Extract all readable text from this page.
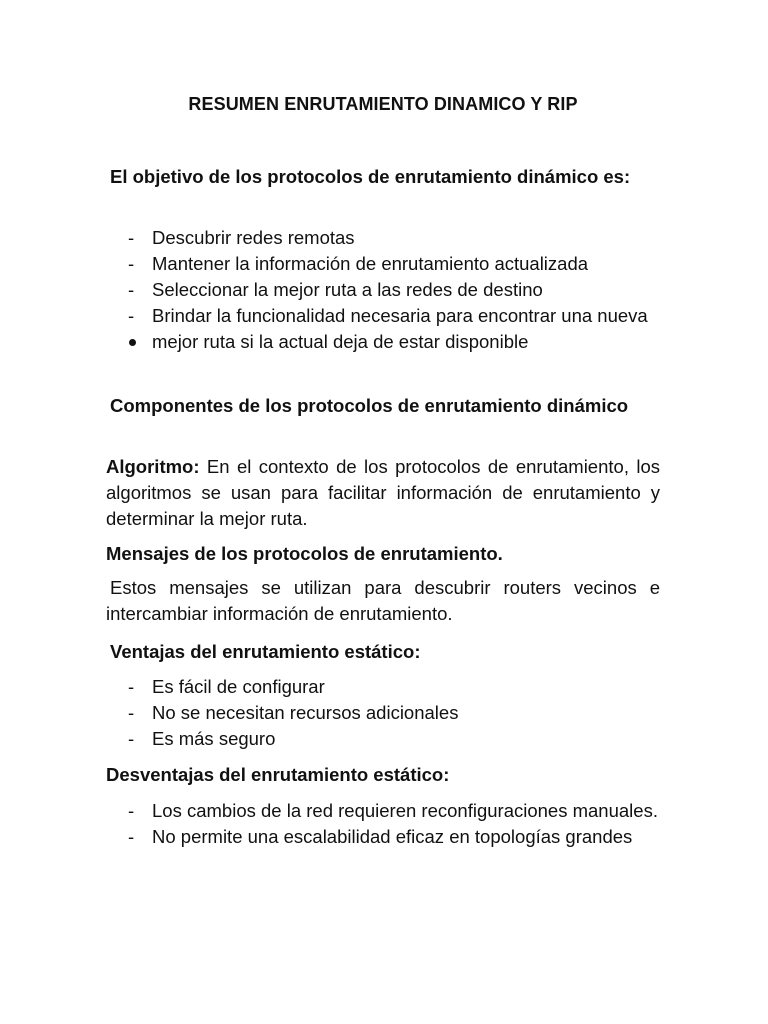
RESUMEN ENRUTAMIENTO DINAMICO Y RIP

El objetivo de los protocolos de enrutamiento dinámico es:

- Descubrir redes remotas
- Mantener la información de enrutamiento actualizada
- Seleccionar la mejor ruta a las redes de destino
- Brindar la funcionalidad necesaria para encontrar una nueva
mejor ruta si la actual deja de estar disponible

Componentes de los protocolos de enrutamiento dinámico

Algoritmo: En el contexto de los protocolos de enrutamiento, los algoritmos se usan para facilitar información de enrutamiento y determinar la mejor ruta.

Mensajes de los protocolos de enrutamiento.

Estos mensajes se utilizan para descubrir routers vecinos e intercambiar información de enrutamiento.

Ventajas del enrutamiento estático:

- Es fácil de configurar
- No se necesitan recursos adicionales
- Es más seguro

Desventajas del enrutamiento estático:

- Los cambios de la red requieren reconfiguraciones manuales.
- No permite una escalabilidad eficaz en topologías grandes
